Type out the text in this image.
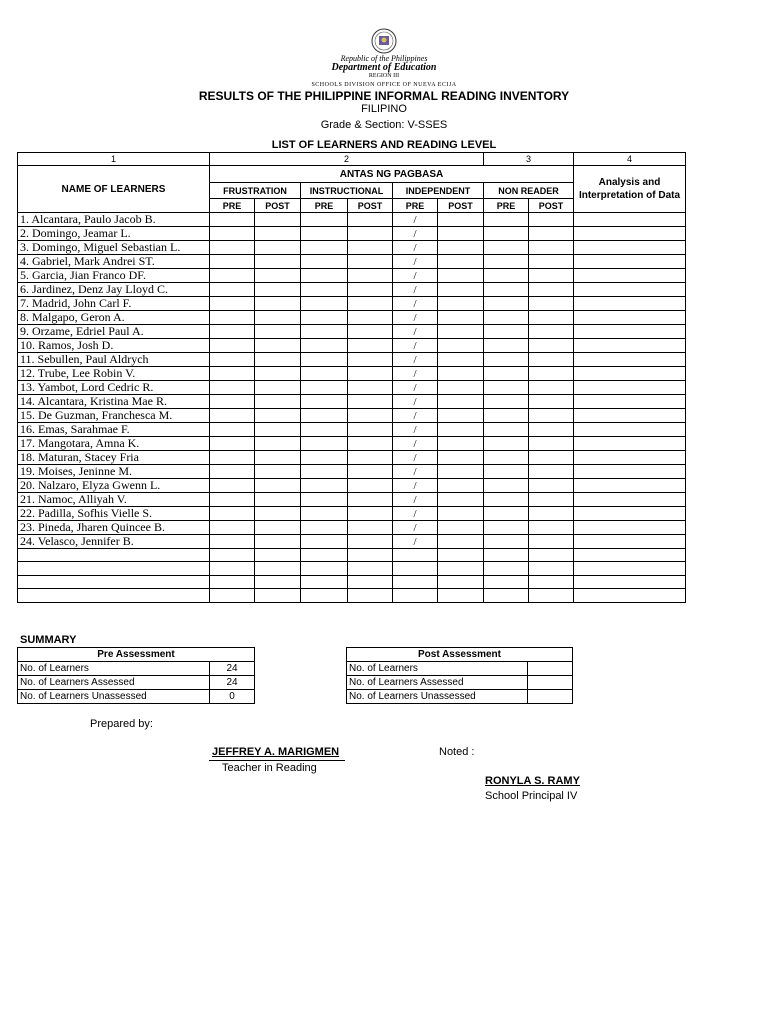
Republic of the Philippines
Department of Education
REGION III
SCHOOLS DIVISION OFFICE OF NUEVA ECIJA
RESULTS OF THE PHILIPPINE INFORMAL READING INVENTORY
FILIPINO
Grade & Section: V-SSES
LIST OF LEARNERS AND READING LEVEL
1	2						3		4
NAME OF LEARNERS	ANTAS NG PAGBASA								Analysis and Interpretation of Data
	FRUSTRATION		INSTRUCTIONAL		INDEPENDENT		NON READER		
	PRE	POST	PRE	POST	PRE	POST	PRE	POST	
1. Alcantara, Paulo Jacob B.					/				
2. Domingo, Jeamar L.					/				
3. Domingo, Miguel Sebastian L.					/				
4. Gabriel, Mark Andrei ST.					/				
5. Garcia, Jian Franco DF.					/				
6. Jardinez, Denz Jay Lloyd C.					/				
7. Madrid, John Carl F.					/				
8. Malgapo, Geron A.					/				
9. Orzame, Edriel Paul A.					/				
10. Ramos, Josh D.					/				
11. Sebullen, Paul Aldrych					/				
12. Trube, Lee Robin V.					/				
13. Yambot, Lord Cedric R.					/				
14. Alcantara, Kristina Mae R.					/				
15. De Guzman, Franchesca M.					/				
16. Emas, Sarahmae F.					/				
17. Mangotara, Amna K.					/				
18. Maturan, Stacey Fria					/				
19. Moises, Jeninne M.					/				
20. Nalzaro, Elyza Gwenn L.					/				
21. Namoc, Alliyah V.					/				
22. Padilla, Sofhis Vielle S.					/				
23. Pineda, Jharen Quincee B.					/				
24. Velasco, Jennifer B.					/				

SUMMARY
Pre Assessment	
No. of Learners	24
No. of Learners Assessed	24
No. of Learners Unassessed	0
Post Assessment	
No. of Learners	
No. of Learners Assessed	
No. of Learners Unassessed	
Prepared by:
JEFFREY A. MARIGMEN
Teacher in Reading
Noted :
RONYLA S. RAMY
School Principal IV
